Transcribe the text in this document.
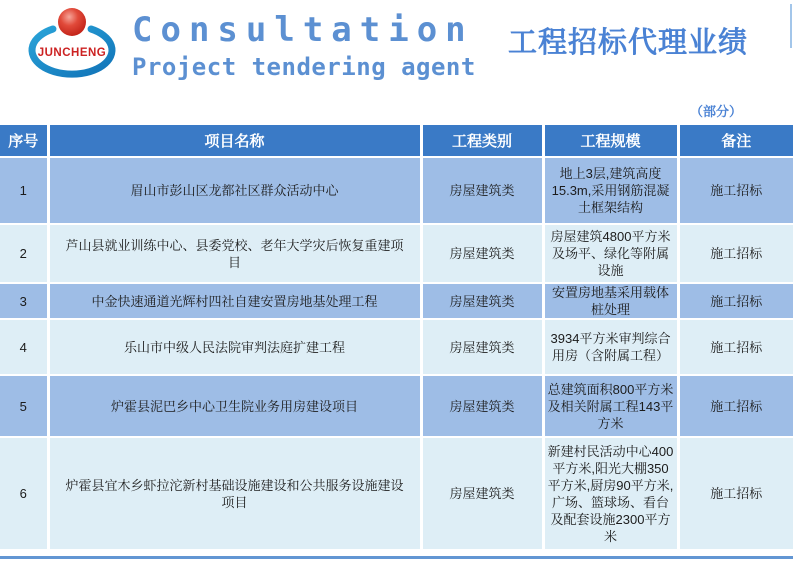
JUNCHENG
Consultation
Project tendering agent
工程招标代理业绩
（部分）
序号	项目名称	工程类别	工程规模	备注
1	眉山市彭山区龙都社区群众活动中心	房屋建筑类	地上3层,建筑高度15.3m,采用钢筋混凝土框架结构	施工招标
2	芦山县就业训练中心、县委党校、老年大学灾后恢复重建项目	房屋建筑类	房屋建筑4800平方米及场平、绿化等附属设施	施工招标
3	中金快速通道光辉村四社自建安置房地基处理工程	房屋建筑类	安置房地基采用载体桩处理	施工招标
4	乐山市中级人民法院审判法庭扩建工程	房屋建筑类	3934平方米审判综合用房（含附属工程）	施工招标
5	炉霍县泥巴乡中心卫生院业务用房建设项目	房屋建筑类	总建筑面积800平方米及相关附属工程143平方米	施工招标
6	炉霍县宜木乡虾拉沱新村基础设施建设和公共服务设施建设项目	房屋建筑类	新建村民活动中心400平方米,阳光大棚350平方米,厨房90平方米,广场、篮球场、看台及配套设施2300平方米	施工招标
